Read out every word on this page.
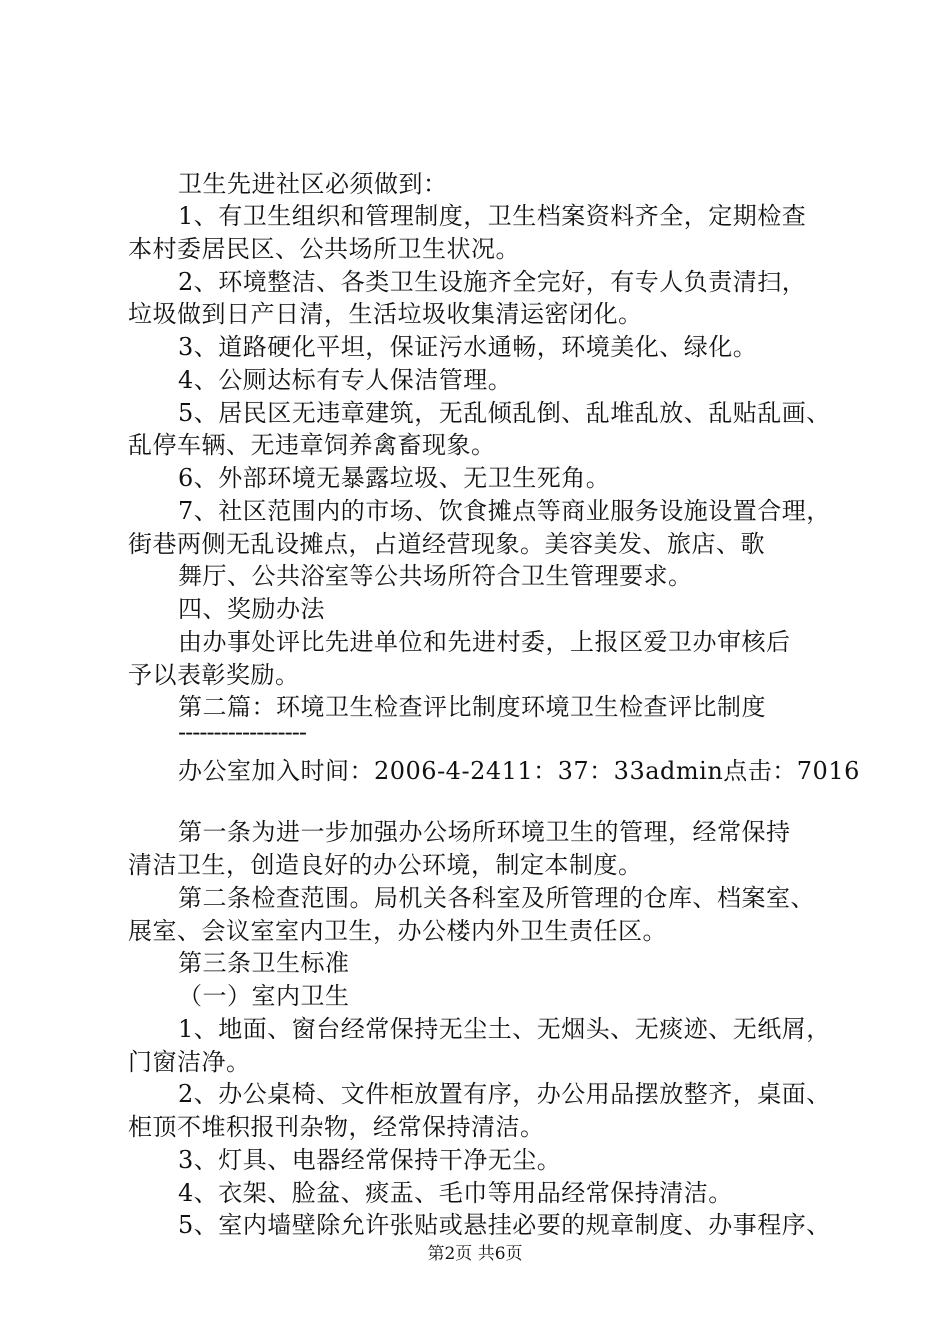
卫生先进社区必须做到：
1、有卫生组织和管理制度，卫生档案资料齐全，定期检查
本村委居民区、公共场所卫生状况。
2、环境整洁、各类卫生设施齐全完好，有专人负责清扫，
垃圾做到日产日清，生活垃圾收集清运密闭化。
3、道路硬化平坦，保证污水通畅，环境美化、绿化。
4、公厕达标有专人保洁管理。
5、居民区无违章建筑，无乱倾乱倒、乱堆乱放、乱贴乱画、
乱停车辆、无违章饲养禽畜现象。
6、外部环境无暴露垃圾、无卫生死角。
7、社区范围内的市场、饮食摊点等商业服务设施设置合理，
街巷两侧无乱设摊点，占道经营现象。美容美发、旅店、歌
舞厅、公共浴室等公共场所符合卫生管理要求。
四、奖励办法
由办事处评比先进单位和先进村委，上报区爱卫办审核后
予以表彰奖励。
第二篇：环境卫生检查评比制度环境卫生检查评比制度
------------------
办公室加入时间：2006-4-2411：37：33admin点击：7016
第一条为进一步加强办公场所环境卫生的管理，经常保持
清洁卫生，创造良好的办公环境，制定本制度。
第二条检查范围。局机关各科室及所管理的仓库、档案室、
展室、会议室室内卫生，办公楼内外卫生责任区。
第三条卫生标准
（一）室内卫生
1、地面、窗台经常保持无尘土、无烟头、无痰迹、无纸屑，
门窗洁净。
2、办公桌椅、文件柜放置有序，办公用品摆放整齐，桌面、
柜顶不堆积报刊杂物，经常保持清洁。
3、灯具、电器经常保持干净无尘。
4、衣架、脸盆、痰盂、毛巾等用品经常保持清洁。
5、室内墙壁除允许张贴或悬挂必要的规章制度、办事程序、
第2页 共6页
